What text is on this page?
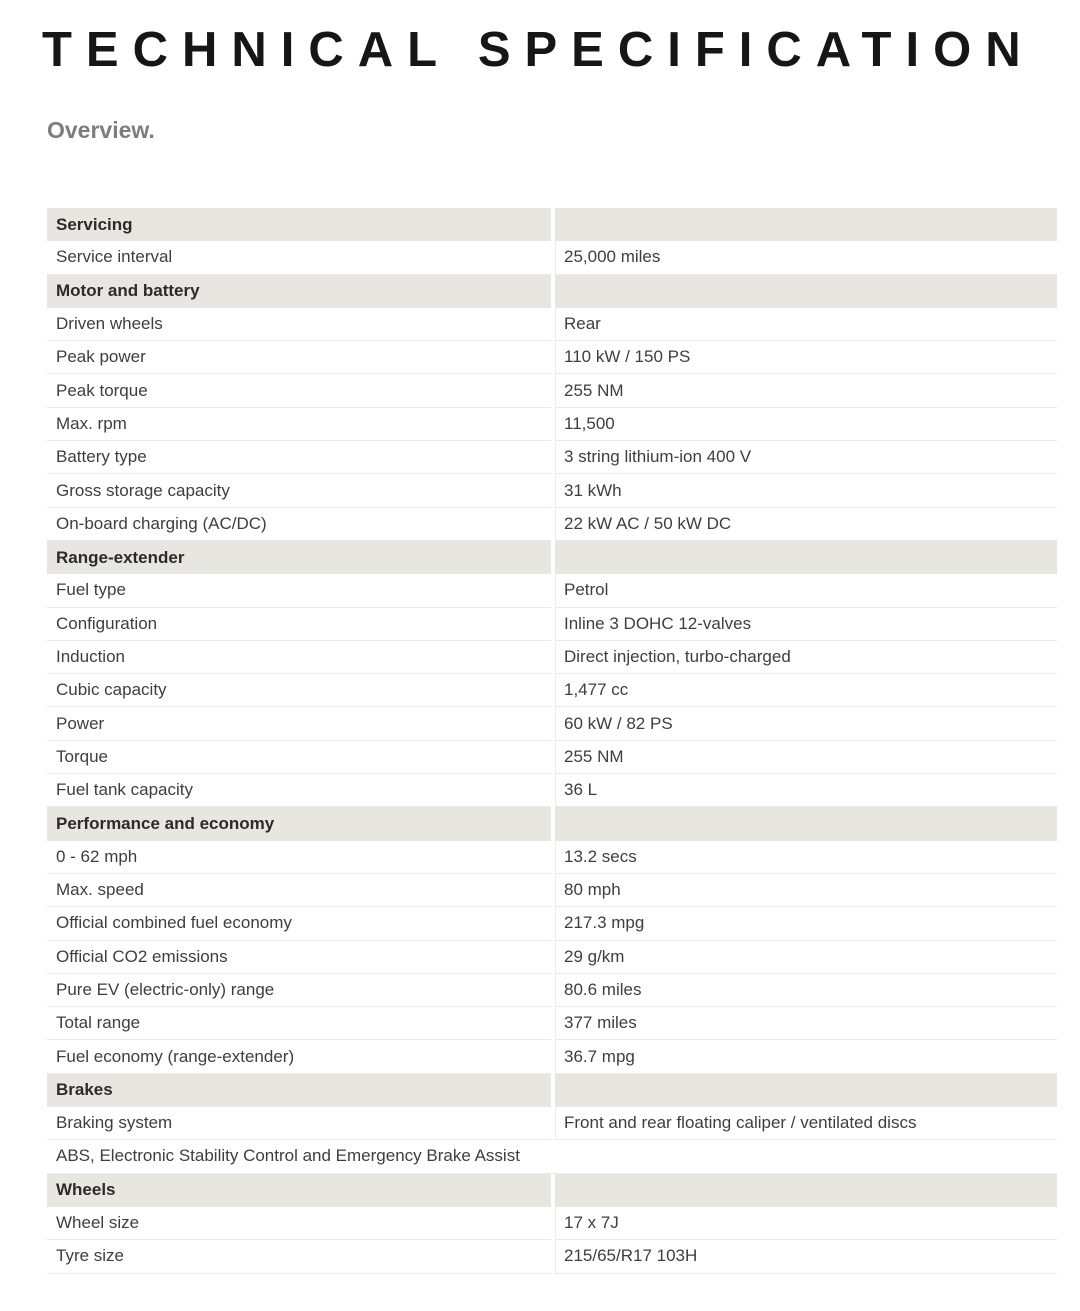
TECHNICAL SPECIFICATION
Overview.
Servicing
Service interval	25,000 miles
Motor and battery
Driven wheels	Rear
Peak power	110 kW / 150 PS
Peak torque	255 NM
Max. rpm	11,500
Battery type	3 string lithium-ion 400 V
Gross storage capacity	31 kWh
On-board charging (AC/DC)	22 kW AC / 50 kW DC
Range-extender
Fuel type	Petrol
Configuration	Inline 3 DOHC 12-valves
Induction	Direct injection, turbo-charged
Cubic capacity	1,477 cc
Power	60 kW / 82 PS
Torque	255 NM
Fuel tank capacity	36 L
Performance and economy
0 - 62 mph	13.2 secs
Max. speed	80 mph
Official combined fuel economy	217.3 mpg
Official CO2 emissions	29 g/km
Pure EV (electric-only) range	80.6 miles
Total range	377 miles
Fuel economy (range-extender)	36.7 mpg
Brakes
Braking system	Front and rear floating caliper / ventilated discs
ABS, Electronic Stability Control and Emergency Brake Assist
Wheels
Wheel size	17 x 7J
Tyre size	215/65/R17 103H
